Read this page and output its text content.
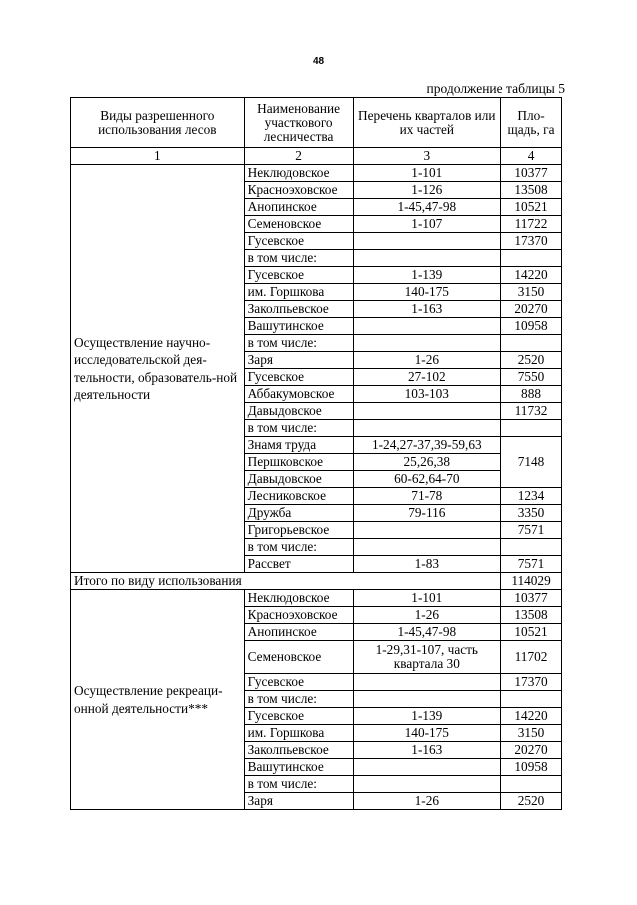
48
продолжение таблицы 5
Виды разрешенного использования лесов	Наименование участкового лесничества	Перечень кварталов или их частей	Пло-щадь, га
1	2	3	4
Осуществление научно-исследовательской дея-тельности, образователь-ной деятельности	Неклюдовское	1-101	10377
	Красноэховское	1-126	13508
	Анопинское	1-45,47-98	10521
	Семеновское	1-107	11722
	Гусевское		17370
	в том числе:		
	Гусевское	1-139	14220
	им. Горшкова	140-175	3150
	Заколпьевское	1-163	20270
	Вашутинское		10958
	в том числе:		
	Заря	1-26	2520
	Гусевское	27-102	7550
	Аббакумовское	103-103	888
	Давыдовское		11732
	в том числе:		
	Знамя труда	1-24,27-37,39-59,63	7148
	Першковское	25,26,38	
	Давыдовское	60-62,64-70	
	Лесниковское	71-78	1234
	Дружба	79-116	3350
	Григорьевское		7571
	в том числе:		
	Рассвет	1-83	7571
Итого по виду использования			114029
Осуществление рекреаци-онной деятельности***	Неклюдовское	1-101	10377
	Красноэховское	1-26	13508
	Анопинское	1-45,47-98	10521
	Семеновское	1-29,31-107, часть квартала 30	11702
	Гусевское		17370
	в том числе:		
	Гусевское	1-139	14220
	им. Горшкова	140-175	3150
	Заколпьевское	1-163	20270
	Вашутинское		10958
	в том числе:		
	Заря	1-26	2520
